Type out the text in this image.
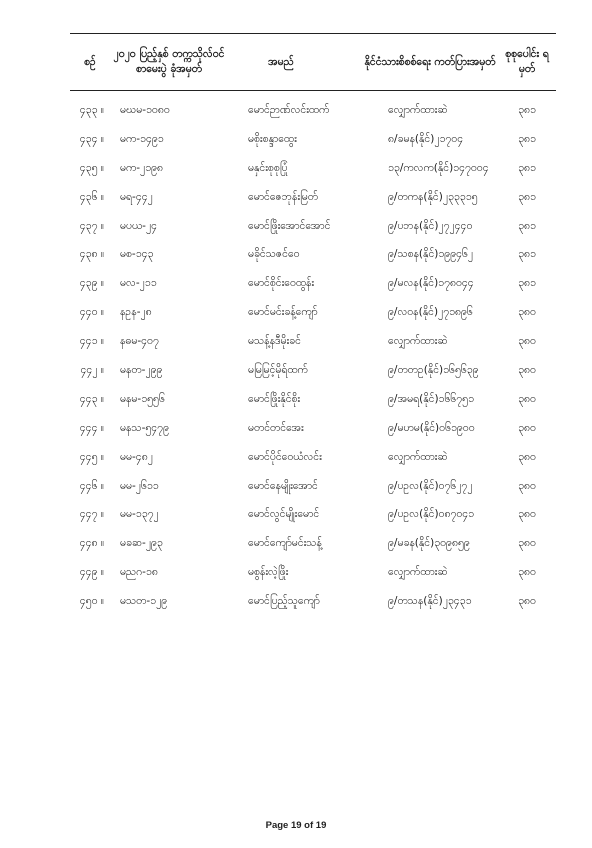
စဉ်	၂၀၂၀ ပြည့်နှစ် တက္ကသိုလ်ဝင် စာမေးပွဲ ခုံအမှတ်	အမည်	နိုင်ငံသားစိစစ်ရေး ကတ်ပြားအမှတ်	စုစုပေါင်း ရမှတ်
၄၃၃ ။	မဃမ-၁၀၈၀	မောင်ဉာဏ်လင်းထက်	လျှောက်ထားဆဲ	၃၈၁
၄၃၄ ။	မက-၁၄၉၁	မစိုးစန္ဒာထွေး	၈/ခမန(နိုင်)၂၁၇၀၄	၃၈၁
၄၃၅ ။	မက-၂၁၉၈	မနှင်းစုစုပြုံ	၁၃/ကလက(နိုင်)၁၄၇၀၀၄	၃၈၁
၄၃၆ ။	မရ-၄၄၂	မောင်ဇေဘုန်းမြတ်	၉/တကန(နိုင်)၂၃၃၃၁၅	၃၈၁
၄၃၇ ။	မပယ-၂၄	မောင်ဖြိုးအောင်အောင်	၉/ပဘန(နိုင်)၂၇၂၄၄၀	၃၈၁
၄၃၈ ။	မစ-၁၄၃	မခိုင်သဇင်ဝေ	၉/သစန(နိုင်)၁၉၉၄၆၂	၃၈၁
၄၃၉ ။	မလ-၂၁၁	မောင်စိုင်းဝေထွန်း	၉/မလန(နိုင်)၁၇၈၀၄၄	၃၈၁
၄၄၀ ။	နဥန-၂၈	မောင်မင်းခန့်ကျော်	၉/လဝန(နိုင်)၂၇၁၈၉၆	၃၈၀
၄၄၁ ။	နဓမ-၄၀၇	မသန့်နဒီမိုးခင်	လျှောက်ထားဆဲ	၃၈၀
၄၄၂ ။	မနတ-၂၉၉	မမြမြင့်မိုရ်ထက်	၉/တတဥ(နိုင်)၁၆၅၆၃၉	၃၈၀
၄၄၃ ။	မနမ-၁၅၅၆	မောင်ဖြိုးနိုင်စိုး	၉/အမရ(နိုင်)၁၆၆၇၅၁	၃၈၀
၄၄၄ ။	မနသ-၅၄၇၉	မတင်တင်အေး	၉/မဟမ(နိုင်)၀၆၁၉၀၀	၃၈၀
၄၄၅ ။	မမ-၄၈၂	မောင်ပိုင်ဝေယံလင်း	လျှောက်ထားဆဲ	၃၈၀
၄၄၆ ။	မမ-၂၆၁၁	မောင်နေမျိုးအောင်	၉/ပဥလ(နိုင်)၀၇၆၂၇၂	၃၈၀
၄၄၇ ။	မမ-၁၃၇၂	မောင်လွင်မျိုးမောင်	၉/ပဥလ(နိုင်)၀၈၇၀၄၁	၃၈၀
၄၄၈ ။	မခဆ-၂၉၃	မောင်ကျော်မင်းသန့်	၉/မခန(နိုင်)၃၀၉၈၅၉	၃၈၀
၄၄၉ ။	မညဂ-၁၈	မစွန်းလဲ့ဖြိုး	လျှောက်ထားဆဲ	၃၈၀
၄၅၀ ။	မသတ-၁၂၉	မောင်ပြည့်သူကျော်	၉/တသန(နိုင်)၂၃၄၃၁	၃၈၀
Page 19 of 19
